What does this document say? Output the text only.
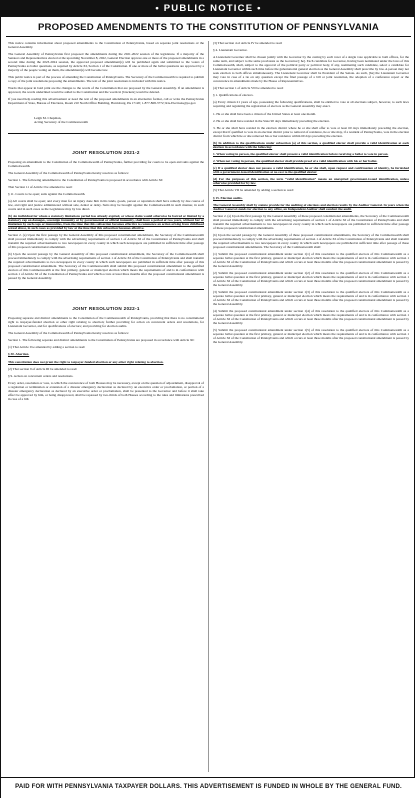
• PUBLIC NOTICE •
PROPOSED AMENDMENTS TO THE CONSTITUTION OF PENNSYLVANIA

This notice contains information about proposed amendments to the Constitution of Pennsylvania, based on separate joint resolutions of the General Assembly.

The General Assembly of Pennsylvania first proposed the amendments during the 2021-2022 session of the legislature. If a majority of the Senators and Representatives elected at the upcoming November 8, 2022, General Election approve one or more of the proposed amendments in a second time during the 2023-2024 session, the approved proposed amendment(s) will be published again and submitted to the voters of Pennsylvania as ballot questions, as required by Article XI, Section 1 of the Constitution. If one or more of the ballot questions are approved by a majority of the people voting on them, the amendment(s) will become law.

This public notice is part of the process of amending the Constitution of Pennsylvania. The Secretary of the Commonwealth is required to publish a copy of the joint resolutions proposing the amendments. The text of the joint resolutions is included with this notice.

Words that appear in bold print are the changes to the words of the Constitution that are proposed by the General Assembly. If an amendment is approved, the words underlined would be added to the Constitution and the words in [brackets] would be deleted.

If you need help reading this advertisement or need the text of the proposed amendments in an alternative format, call or write the Pennsylvania Department of State, Bureau of Elections, Room 210 North Office Building, Harrisburg, PA 17120; 1-877-868-3772; RA-Elections@pa.gov.

Leigh M. Chapman,
Acting Secretary of the Commonwealth
JOINT RESOLUTION 2021-2

Proposing an amendment to the Constitution of the Commonwealth of Pennsylvania, further providing for courts to be open and suits against the Commonwealth.

The General Assembly of the Commonwealth of Pennsylvania hereby resolves as follows:

Section 1. The following amendment to the Constitution of Pennsylvania is proposed in accordance with Article XI:

That Section 11 of Article I be amended to read:

§ 11. Courts to be open; suits against the Commonwealth.

(a) All courts shall be open; and every man for an injury done him in his lands, goods, person or reputation shall have remedy by due course of law, and right and justice administered without sale, denial or delay. Suits may be brought against the Commonwealth in such manner, in such courts and in such cases as the Legislature may by law direct.

(b) An individual for whom a statutory limitations period has already expired, or whose claim would otherwise be barred or limited by a statutory cap on damages, sovereign immunity or by governmental or official immunity, shall have a period of two years, without bar or limitation by such caps or immunities, from the time that this subsection becomes effective to commence an action arising from childhood sexual abuse, in such cases as provided by law at the time that this subsection becomes effective.

Section 2. (a) Upon the first passage by the General Assembly of this proposed constitutional amendment, the Secretary of the Commonwealth shall proceed immediately to comply with the advertising requirements of section 1 of Article XI of the Constitution of Pennsylvania and shall transmit the required advertisements to two newspapers in every county in which such newspapers are published in sufficient time after passage of this proposed constitutional amendment.

(b) Upon the second passage by the General Assembly of this proposed constitutional amendment, the Secretary of the Commonwealth shall proceed immediately to comply with the advertising requirements of section 1 of Article XI of the Constitution of Pennsylvania and shall transmit the required advertisements to two newspapers in every county in which such newspapers are published in sufficient time after passage of this proposed constitutional amendment. The Secretary of the Commonwealth shall submit this proposed constitutional amendment to the qualified electors of this Commonwealth at the first primary, general or municipal election which meets the requirements of and is in conformance with section 1 of Article XI of the Constitution of Pennsylvania and which occurs at least three months after the proposed constitutional amendment is passed by the General Assembly.

JOINT RESOLUTION 2022-1

Proposing separate and distinct amendments to the Constitution of the Commonwealth of Pennsylvania, providing that there is no constitutional right to taxpayer-funded abortion or other right relating to abortion; further providing for action on concurrent orders and resolutions, for Lieutenant Governor, and for qualifications of electors; and providing for election audits.

The General Assembly of the Commonwealth of Pennsylvania hereby resolves as follows:

Section 1. The following separate and distinct amendments to the Constitution of Pennsylvania are proposed in accordance with Article XI:

(1) That Article I be amended by adding a section to read:

§ 30. Abortion.

This constitution does not grant the right to taxpayer-funded abortion or any other right relating to abortion.

(2) That section 9 of Article III be amended to read:

§ 9. Action on concurrent orders and resolutions.

Every order, resolution or vote, to which the concurrence of both Houses may be necessary, except on the question of adjournment, disapproval of a regulation or termination or extension of a disaster emergency declaration as declared by an executive order or proclamation, or portion of a disaster emergency declaration as declared by an executive order or proclamation, shall be presented to the Governor and before it shall take effect be approved by him, or being disapproved, shall be repassed by two-thirds of both Houses according to the rules and limitations prescribed in case of a bill.

(3) That section 4 of Article IV be amended to read:

§ 4. Lieutenant Governor.

A Lieutenant Governor shall be chosen jointly with the Governor by the casting by each voter of a single vote applicable to both offices, for the same term, and subject to the same provisions as the Governor[; he]. Each candidate for Governor, having been nominated under the laws of this Commonwealth, shall, subject to the approval of the political party or political body, if any, nominating such candidate, select a candidate for Lieutenant Governor within such time before the gubernatorial general election as the General Assembly shall prescribe by law. A person may not seek election to both offices simultaneously. The Lieutenant Governor shall be President of the Senate. As such, [he] the Lieutenant Governor may vote in case of a tie on any question except the final passage of a bill or joint resolution, the adoption of a conference report or the concurrence in amendments made by the House of Representatives.

(4) That section 1 of Article VII be amended to read:

§ 1. Qualifications of electors.

(a) Every citizen 21 years of age, possessing the following qualifications, shall be entitled to vote at all elections subject, however, to such laws requiring and regulating the registration of electors as the General Assembly may enact.

1. He or she shall have been a citizen of the United States at least one month.

2. He or she shall have resided in the State 90 days immediately preceding the election.

3. He or she shall have resided in the election district where he or she shall offer to vote at least 60 days immediately preceding the election, except that if qualified to vote in an election district prior to removal of residence, he or she may, if a resident of Pennsylvania, vote in the election district from which he or she removed his or her residence within 60 days preceding the election.

(b) In addition to the qualifications under subsection (a) of this section, a qualified elector shall provide a valid identification at each election in accordance with the following:

1. When voting in person, the qualified elector shall present a valid identification before receiving a ballot to vote in person.

2. When not voting in person, the qualified elector shall provide proof of a valid identification with his or her ballot.

(c) If a qualified elector does not possess a valid identification, he or she shall, upon request and confirmation of identity, be furnished with a government-issued identification at no cost to the qualified elector.

(d) For the purposes of this section, the term “valid identification” means an unexpired government-issued identification, unless otherwise provided for by law.

(5) That Article VII be amended by adding a section to read:

§ 15. Election audits.

The General Assembly shall by statute provide for the auditing of elections and election results by the Auditor General. In years when the Auditor General stands for election to any office, an Independent Auditor shall conduct the audit.

Section 2. (a) Upon the first passage by the General Assembly of these proposed constitutional amendments, the Secretary of the Commonwealth shall proceed immediately to comply with the advertising requirements of section 1 of Article XI of the Constitution of Pennsylvania and shall transmit the required advertisements to two newspapers in every county in which such newspapers are published in sufficient time after passage of these proposed constitutional amendments.

(b) Upon the second passage by the General Assembly of these proposed constitutional amendments, the Secretary of the Commonwealth shall proceed immediately to comply with the advertising requirements of section 1 of Article XI of the Constitution of Pennsylvania and shall transmit the required advertisements to two newspapers in every county in which such newspapers are published in sufficient time after passage of these proposed constitutional amendments. The Secretary of the Commonwealth shall:

(1) Submit the proposed constitutional amendment under section 1(1) of this resolution to the qualified electors of this Commonwealth as a separate ballot question at the first primary, general or municipal election which meets the requirements of and is in conformance with section 1 of Article XI of the Constitution of Pennsylvania and which occurs at least three months after the proposed constitutional amendment is passed by the General Assembly.

(2) Submit the proposed constitutional amendment under section 1(2) of this resolution to the qualified electors of this Commonwealth as a separate ballot question at the first primary, general or municipal election which meets the requirements of and is in conformance with section 1 of Article XI of the Constitution of Pennsylvania and which occurs at least three months after the proposed constitutional amendment is passed by the General Assembly.

(3) Submit the proposed constitutional amendment under section 1(3) of this resolution to the qualified electors of this Commonwealth as a separate ballot question at the first primary, general or municipal election which meets the requirements of and is in conformance with section 1 of Article XI of the Constitution of Pennsylvania and which occurs at least three months after the proposed constitutional amendment is passed by the General Assembly.

(4) Submit the proposed constitutional amendment under section 1(4) of this resolution to the qualified electors of this Commonwealth as a separate ballot question at the first primary, general or municipal election which meets the requirements of and is in conformance with section 1 of Article XI of the Constitution of Pennsylvania and which occurs at least three months after the proposed constitutional amendment is passed by the General Assembly.

(5) Submit the proposed constitutional amendment under section 1(5) of this resolution to the qualified electors of this Commonwealth as a separate ballot question at the first primary, general or municipal election which meets the requirements of and is in conformance with section 1 of Article XI of the Constitution of Pennsylvania and which occurs at least three months after the proposed constitutional amendment is passed by the General Assembly.

PAID FOR WITH PENNSYLVANIA TAXPAYER DOLLARS. THIS ADVERTISEMENT IS FUNDED IN WHOLE BY THE GENERAL FUND.
